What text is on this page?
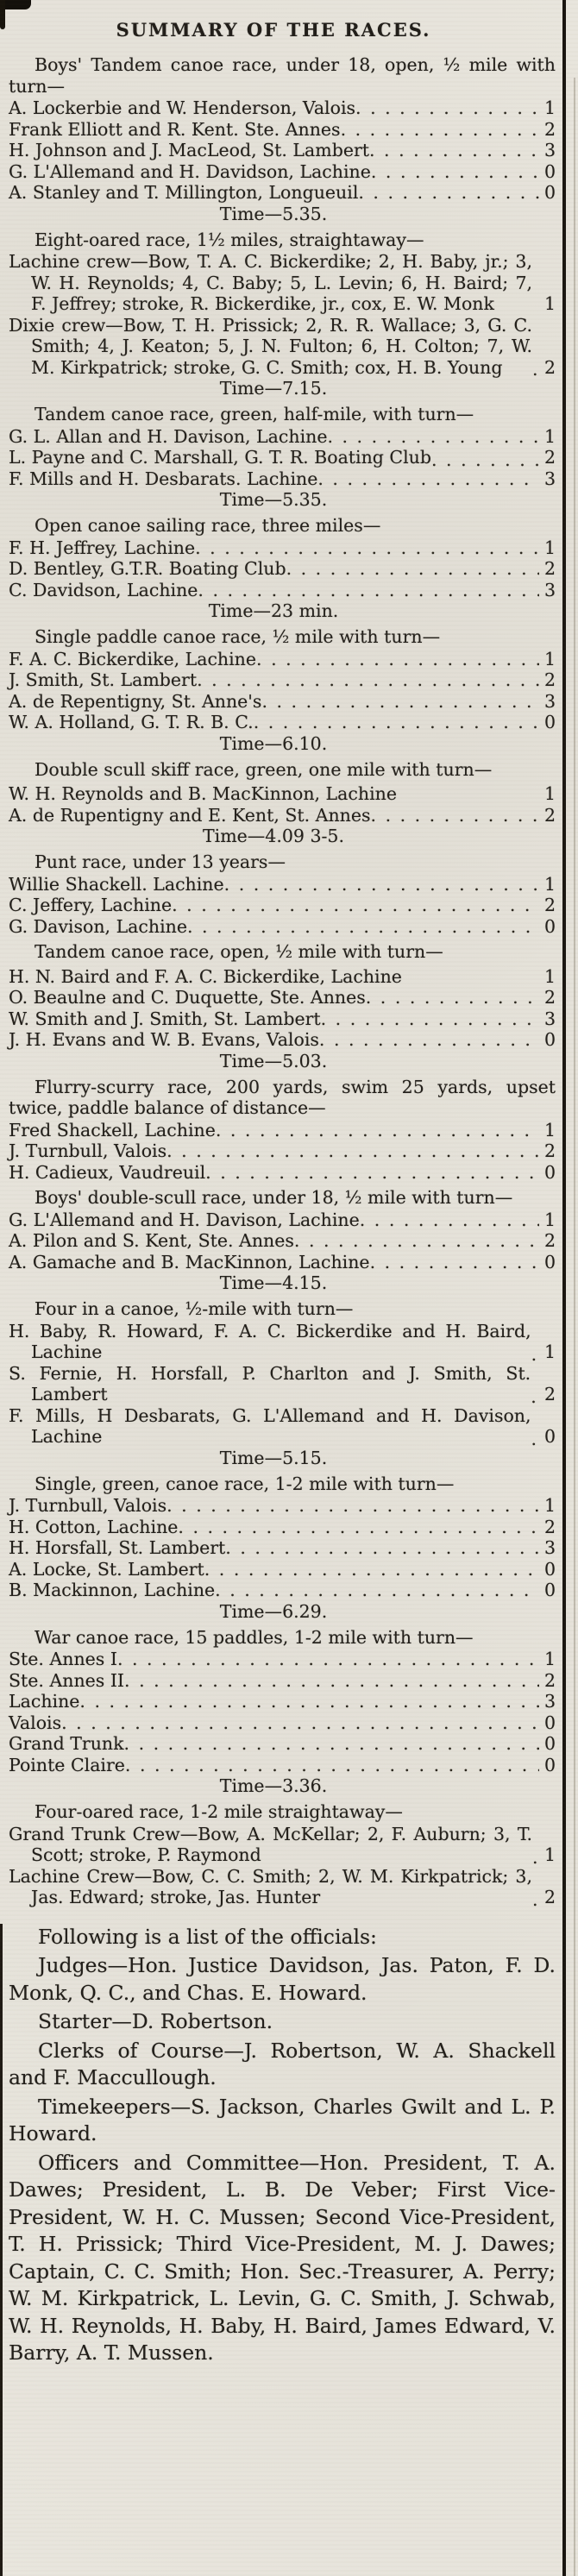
SUMMARY OF THE RACES.

Boys' Tandem canoe race, under 18, open, ½ mile with turn—

A. Lockerbie and W. Henderson, Valois . . .	1
Frank Elliott and R. Kent. Ste. Annes . . .	2
H. Johnson and J. MacLeod, St. Lambert . . .	3
G. L'Allemand and H. Davidson, Lachine . . .	0
A. Stanley and T. Millington, Longueuil . . .	0

Time—5.35.

Eight-oared race, 1½ miles, straightaway—

Lachine crew—Bow, T. A. C. Bickerdike; 2, H. Baby, jr.; 3, W. H. Reynolds; 4, C. Baby; 5, L. Levin; 6, H. Baird; 7, F. Jeffrey; stroke, R. Bickerdike, jr., cox, E. W. Monk	1
Dixie crew—Bow, T. H. Prissick; 2, R. R. Wallace; 3, G. C. Smith; 4, J. Keaton; 5, J. N. Fulton; 6, H. Colton; 7, W. M. Kirkpatrick; stroke, G. C. Smith; cox, H. B. Young . . .	2

Time—7.15.

Tandem canoe race, green, half-mile, with turn—

G. L. Allan and H. Davison, Lachine . . .	1
L. Payne and C. Marshall, G. T. R. Boating Club . . .	2
F. Mills and H. Desbarats. Lachine . . .	3

Time—5.35.

Open canoe sailing race, three miles—

F. H. Jeffrey, Lachine . . .	1
D. Bentley, G.T.R. Boating Club . . .	2
C. Davidson, Lachine . . .	3

Time—23 min.

Single paddle canoe race, ½ mile with turn—

F. A. C. Bickerdike, Lachine . . .	1
J. Smith, St. Lambert . . .	2
A. de Repentigny, St. Anne's . . .	3
W. A. Holland, G. T. R. B. C. . . .	0

Time—6.10.

Double scull skiff race, green, one mile with turn—

W. H. Reynolds and B. MacKinnon, Lachine	1
A. de Rupentigny and E. Kent, St. Annes . . .	2

Time—4.09 3-5.

Punt race, under 13 years—

Willie Shackell. Lachine . . .	1
C. Jeffery, Lachine . . .	2
G. Davison, Lachine . . .	0

Tandem canoe race, open, ½ mile with turn—

H. N. Baird and F. A. C. Bickerdike, Lachine	1
O. Beaulne and C. Duquette, Ste. Annes . . .	2
W. Smith and J. Smith, St. Lambert . . .	3
J. H. Evans and W. B. Evans, Valois . . .	0

Time—5.03.

Flurry-scurry race, 200 yards, swim 25 yards, upset twice, paddle balance of distance—

Fred Shackell, Lachine . . .	1
J. Turnbull, Valois . . .	2
H. Cadieux, Vaudreuil . . .	0

Boys' double-scull race, under 18, ½ mile with turn—

G. L'Allemand and H. Davison, Lachine . . .	1
A. Pilon and S. Kent, Ste. Annes . . .	2
A. Gamache and B. MacKinnon, Lachine . . .	0

Time—4.15.

Four in a canoe, ½-mile with turn—

H. Baby, R. Howard, F. A. C. Bickerdike and H. Baird, Lachine . . .	1
S. Fernie, H. Horsfall, P. Charlton and J. Smith, St. Lambert . . .	2
F. Mills, H Desbarats, G. L'Allemand and H. Davison, Lachine . . .	0

Time—5.15.

Single, green, canoe race, 1-2 mile with turn—

J. Turnbull, Valois . . .	1
H. Cotton, Lachine . . .	2
H. Horsfall, St. Lambert . . .	3
A. Locke, St. Lambert . . .	0
B. Mackinnon, Lachine . . .	0

Time—6.29.

War canoe race, 15 paddles, 1-2 mile with turn—

Ste. Annes I . . .	1
Ste. Annes II . . .	2
Lachine . . .	3
Valois . . .	0
Grand Trunk . . .	0
Pointe Claire . . .	0

Time—3.36.

Four-oared race, 1-2 mile straightaway—

Grand Trunk Crew—Bow, A. McKellar; 2, F. Auburn; 3, T. Scott; stroke, P. Raymond . . .	1
Lachine Crew—Bow, C. C. Smith; 2, W. M. Kirkpatrick; 3, Jas. Edward; stroke, Jas. Hunter . . .	2

Following is a list of the officials:

Judges—Hon. Justice Davidson, Jas. Paton, F. D. Monk, Q. C., and Chas. E. Howard.

Starter—D. Robertson.

Clerks of Course—J. Robertson, W. A. Shackell and F. Maccullough.

Timekeepers—S. Jackson, Charles Gwilt and L. P. Howard.

Officers and Committee—Hon. President, T. A. Dawes; President, L. B. De Veber; First Vice-President, W. H. C. Mussen; Second Vice-President, T. H. Prissick; Third Vice-President, M. J. Dawes; Captain, C. C. Smith; Hon. Sec.-Treasurer, A. Perry; W. M. Kirkpatrick, L. Levin, G. C. Smith, J. Schwab, W. H. Reynolds, H. Baby, H. Baird, James Edward, V. Barry, A. T. Mussen.
